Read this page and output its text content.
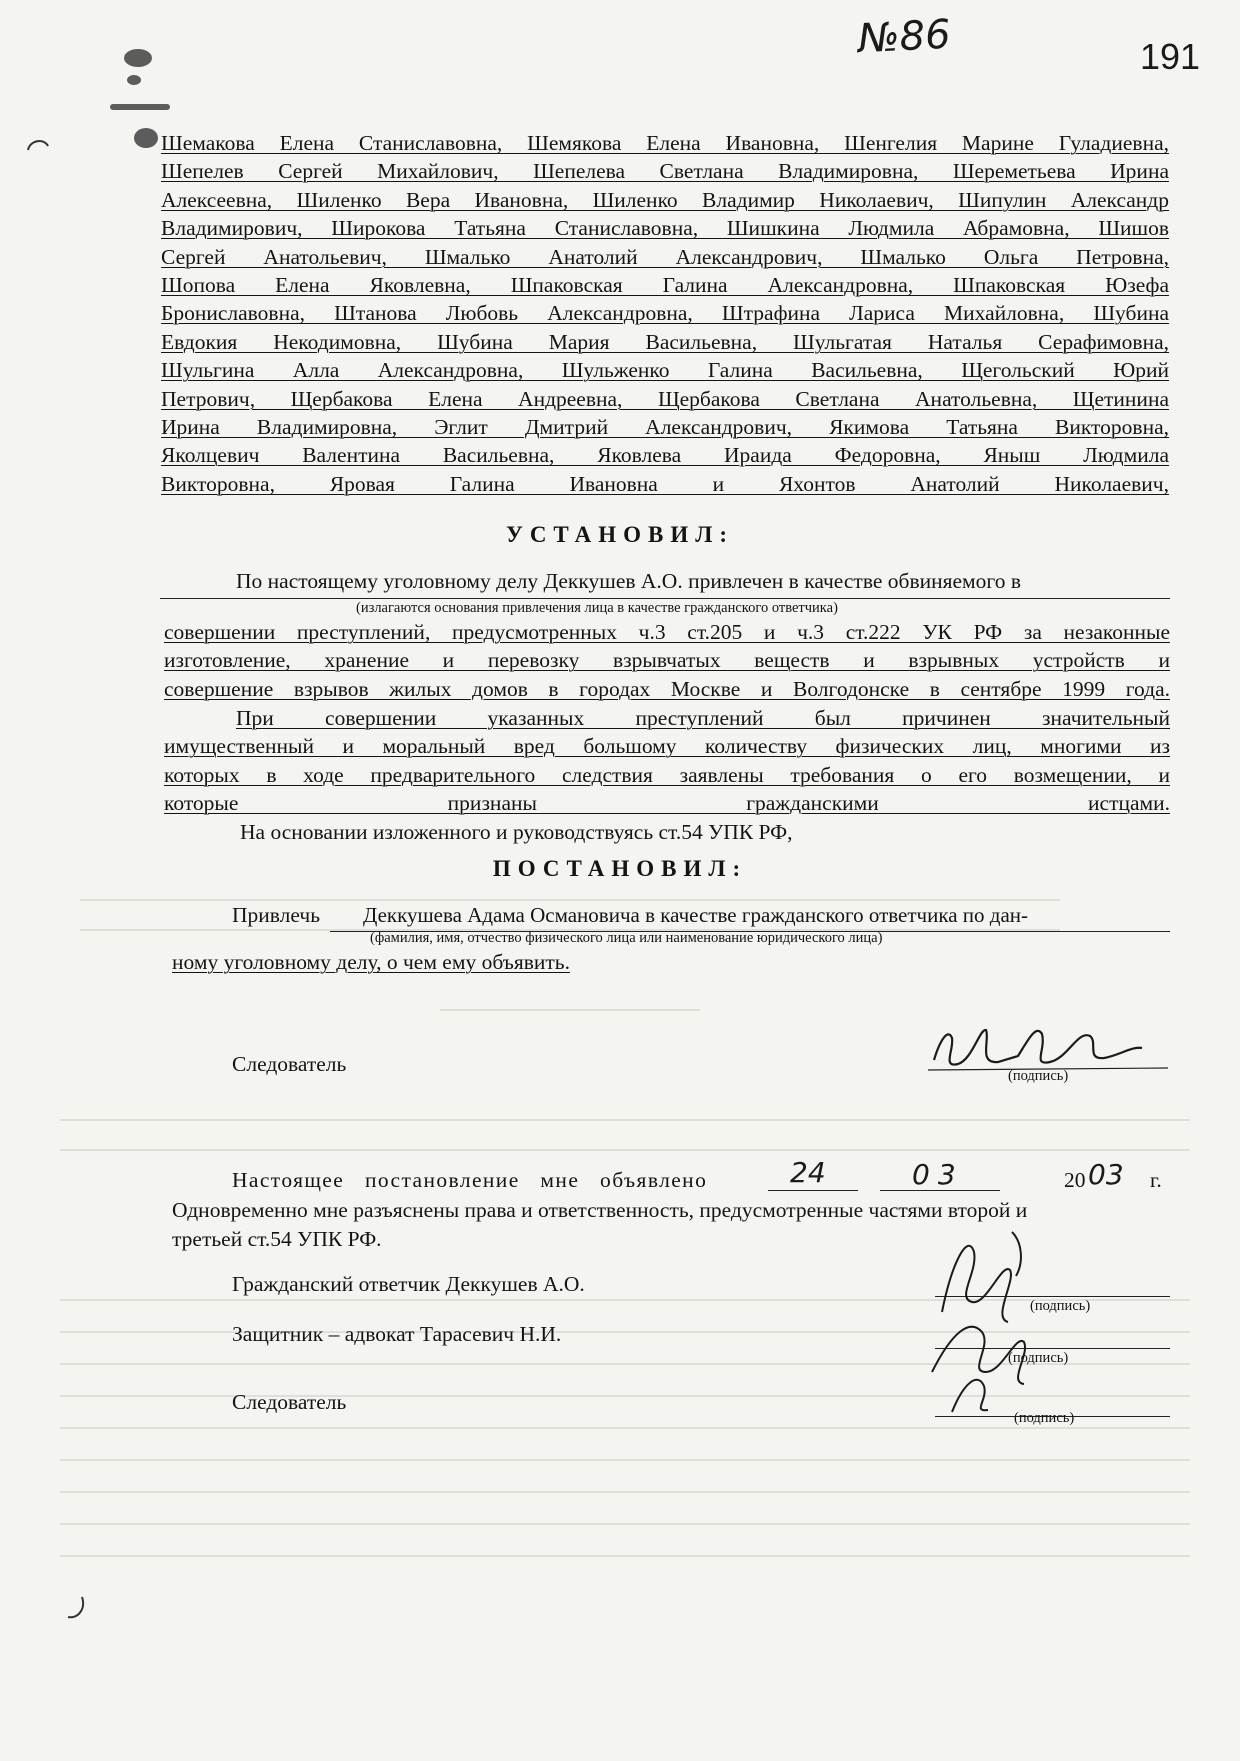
№86	191
Шемакова Елена Станиславовна, Шемякова Елена Ивановна, Шенгелия Марине Гуладиевна,
Шепелев Сергей Михайлович, Шепелева Светлана Владимировна, Шереметьева Ирина
Алексеевна, Шиленко Вера Ивановна, Шиленко Владимир Николаевич, Шипулин Александр
Владимирович, Широкова Татьяна Станиславовна, Шишкина Людмила Абрамовна, Шишов
Сергей Анатольевич, Шмалько Анатолий Александрович, Шмалько Ольга Петровна,
Шопова Елена Яковлевна, Шпаковская Галина Александровна, Шпаковская Юзефа
Брониславовна, Штанова Любовь Александровна, Штрафина Лариса Михайловна, Шубина
Евдокия Некодимовна, Шубина Мария Васильевна, Шульгатая Наталья Серафимовна,
Шульгина Алла Александровна, Шульженко Галина Васильевна, Щегольский Юрий
Петрович, Щербакова Елена Андреевна, Щербакова Светлана Анатольевна, Щетинина
Ирина Владимировна, Эглит Дмитрий Александрович, Якимова Татьяна Викторовна,
Яколцевич Валентина Васильевна, Яковлева Ираида Федоровна, Яныш Людмила
Викторовна, Яровая Галина Ивановна и Яхонтов Анатолий Николаевич,
УСТАНОВИЛ:
По настоящему уголовному делу Деккушев А.О. привлечен в качестве обвиняемого в
(излагаются основания привлечения лица в качестве гражданского ответчика)
совершении преступлений, предусмотренных ч.3 ст.205 и ч.3 ст.222 УК РФ за незаконные
изготовление, хранение и перевозку взрывчатых веществ и взрывных устройств и
совершение взрывов жилых домов в городах Москве и Волгодонске в сентябре 1999 года.
При совершении указанных преступлений был причинен значительный
имущественный и моральный вред большому количеству физических лиц, многими из
которых в ходе предварительного следствия заявлены требования о его возмещении, и
которые признаны гражданскими истцами.
На основании изложенного и руководствуясь ст.54 УПК РФ,
ПОСТАНОВИЛ:
Привлечь Деккушева Адама Османовича в качестве гражданского ответчика по дан-
(фамилия, имя, отчество физического лица или наименование юридического лица)
ному уголовному делу, о чем ему объявить.
Следователь	(подпись)
Настоящее постановление мне объявлено	24	03	20 03 г.
Одновременно мне разъяснены права и ответственность, предусмотренные частями второй и
третьей ст.54 УПК РФ.
Гражданский ответчик Деккушев А.О.
(подпись)
Защитник – адвокат Тарасевич Н.И.
(подпись)
Следователь
(подпись)
